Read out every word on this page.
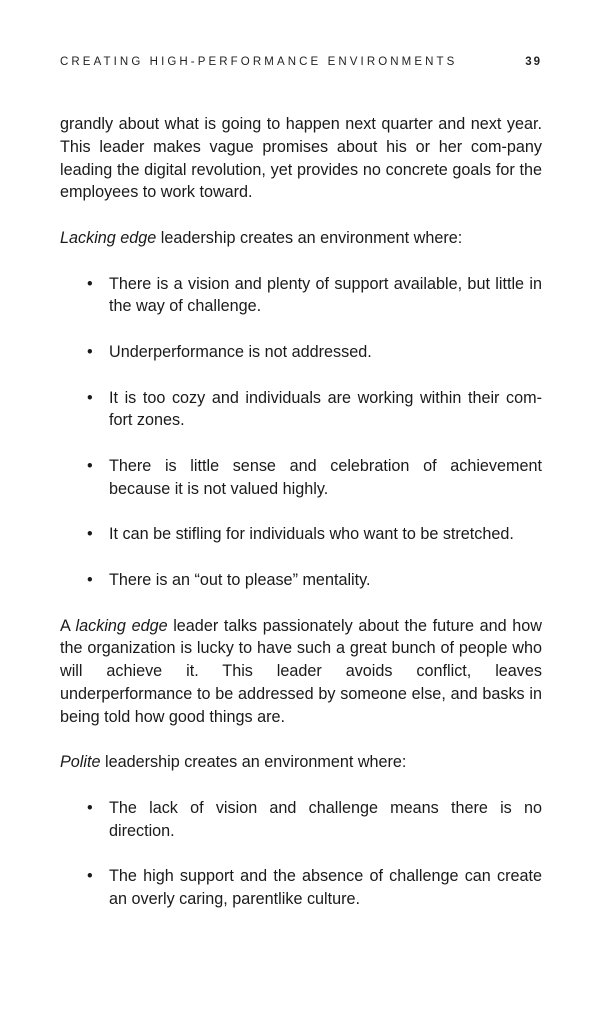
CREATING HIGH-PERFORMANCE ENVIRONMENTS	39

grandly about what is going to happen next quarter and next year. This leader makes vague promises about his or her com-pany leading the digital revolution, yet provides no concrete goals for the employees to work toward.

Lacking edge leadership creates an environment where:

• There is a vision and plenty of support available, but little in the way of challenge.
• Underperformance is not addressed.
• It is too cozy and individuals are working within their com-fort zones.
• There is little sense and celebration of achievement because it is not valued highly.
• It can be stifling for individuals who want to be stretched.
• There is an “out to please” mentality.

A lacking edge leader talks passionately about the future and how the organization is lucky to have such a great bunch of people who will achieve it. This leader avoids conflict, leaves underperformance to be addressed by someone else, and basks in being told how good things are.

Polite leadership creates an environment where:

• The lack of vision and challenge means there is no direction.
• The high support and the absence of challenge can create an overly caring, parentlike culture.
